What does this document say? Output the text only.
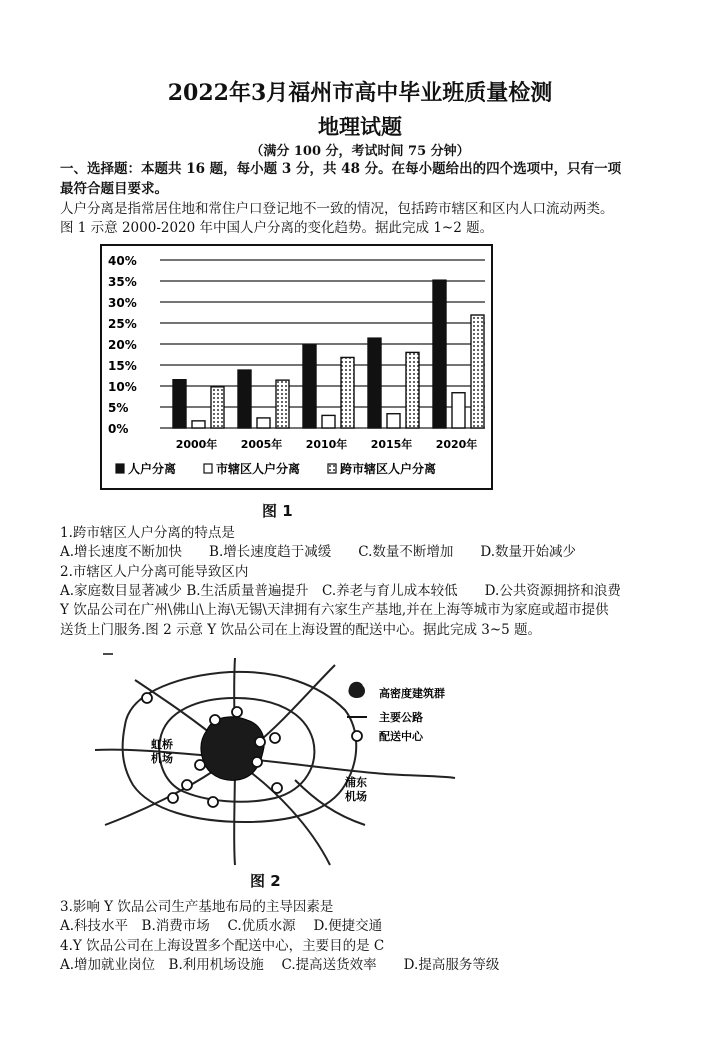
2022年3月福州市高中毕业班质量检测
地理试题
（满分 100 分，考试时间 75 分钟）
一、选择题：本题共 16 题，每小题 3 分，共 48 分。在每小题给出的四个选项中，只有一项
最符合题目要求。
人户分离是指常居住地和常住户口登记地不一致的情况，包括跨市辖区和区内人口流动两类。
图 1 示意 2000-2020 年中国人户分离的变化趋势。据此完成 1~2 题。
40%
35%
30%
25%
20%
15%
10%
5%
0%
2000年 2005年 2010年 2015年 2020年
人户分离	市辖区人户分离	跨市辖区人户分离
图 1
1.跨市辖区人户分离的特点是
A.增长速度不断加快　　B.增长速度趋于减缓　　C.数量不断增加　　D.数量开始减少
2.市辖区人户分离可能导致区内
A.家庭数目显著减少 B.生活质量普遍提升　C.养老与育儿成本较低　　D.公共资源拥挤和浪费
Y 饮品公司在广州\佛山\上海\无锡\天津拥有六家生产基地,并在上海等城市为家庭或超市提供
送货上门服务.图 2 示意 Y 饮品公司在上海设置的配送中心。据此完成 3~5 题。
虹桥
机场
浦东
机场
高密度建筑群
主要公路
配送中心
图 2
3.影响 Y 饮品公司生产基地布局的主导因素是
A.科技水平　B.消费市场　 C.优质水源　 D.便捷交通
4.Y 饮品公司在上海设置多个配送中心，主要目的是 C
A.增加就业岗位　B.利用机场设施　 C.提高送货效率　　D.提高服务等级
